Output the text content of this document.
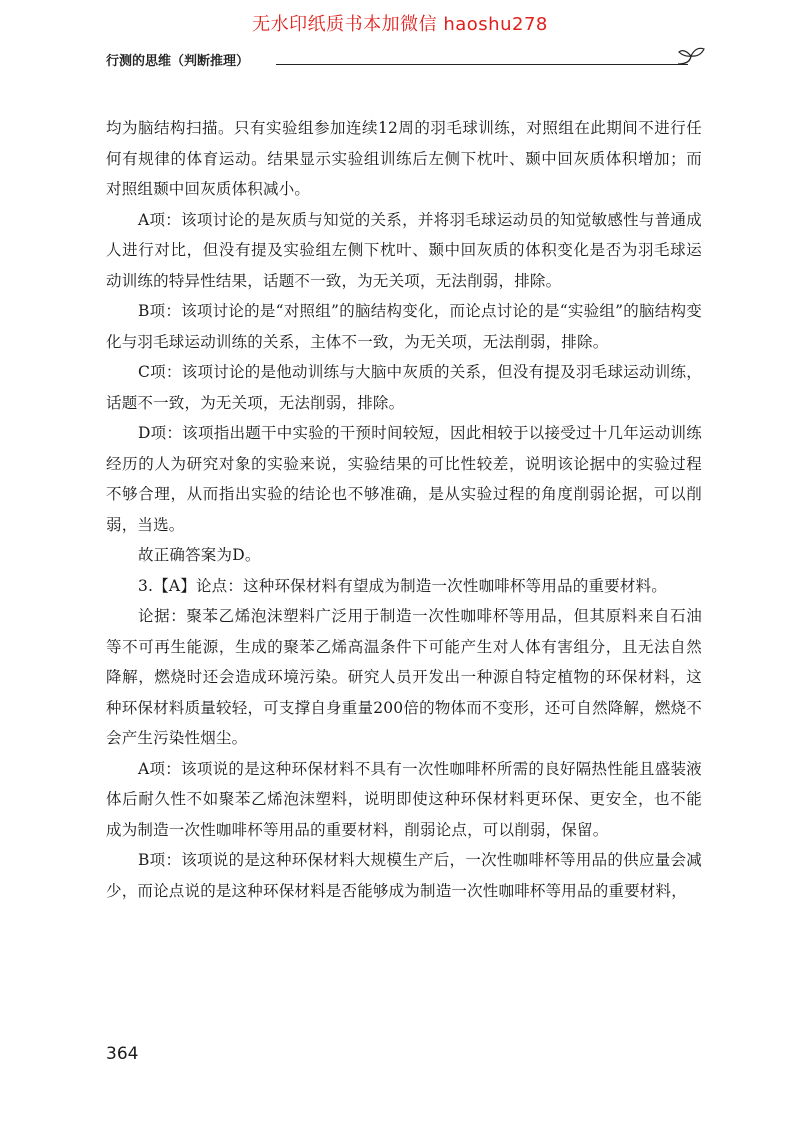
无水印纸质书本加微信 haoshu278
行测的思维（判断推理）

均为脑结构扫描。只有实验组参加连续12周的羽毛球训练，对照组在此期间不进行任何有规律的体育运动。结果显示实验组训练后左侧下枕叶、颞中回灰质体积增加；而对照组颞中回灰质体积减小。

A项：该项讨论的是灰质与知觉的关系，并将羽毛球运动员的知觉敏感性与普通成人进行对比，但没有提及实验组左侧下枕叶、颞中回灰质的体积变化是否为羽毛球运动训练的特异性结果，话题不一致，为无关项，无法削弱，排除。

B项：该项讨论的是“对照组”的脑结构变化，而论点讨论的是“实验组”的脑结构变化与羽毛球运动训练的关系，主体不一致，为无关项，无法削弱，排除。

C项：该项讨论的是他动训练与大脑中灰质的关系，但没有提及羽毛球运动训练，话题不一致，为无关项，无法削弱，排除。

D项：该项指出题干中实验的干预时间较短，因此相较于以接受过十几年运动训练经历的人为研究对象的实验来说，实验结果的可比性较差，说明该论据中的实验过程不够合理，从而指出实验的结论也不够准确，是从实验过程的角度削弱论据，可以削弱，当选。

故正确答案为D。

3.【A】论点：这种环保材料有望成为制造一次性咖啡杯等用品的重要材料。

论据：聚苯乙烯泡沫塑料广泛用于制造一次性咖啡杯等用品，但其原料来自石油等不可再生能源，生成的聚苯乙烯高温条件下可能产生对人体有害组分，且无法自然降解，燃烧时还会造成环境污染。研究人员开发出一种源自特定植物的环保材料，这种环保材料质量较轻，可支撑自身重量200倍的物体而不变形，还可自然降解，燃烧不会产生污染性烟尘。

A项：该项说的是这种环保材料不具有一次性咖啡杯所需的良好隔热性能且盛装液体后耐久性不如聚苯乙烯泡沫塑料，说明即使这种环保材料更环保、更安全，也不能成为制造一次性咖啡杯等用品的重要材料，削弱论点，可以削弱，保留。

B项：该项说的是这种环保材料大规模生产后，一次性咖啡杯等用品的供应量会减少，而论点说的是这种环保材料是否能够成为制造一次性咖啡杯等用品的重要材料，

364
